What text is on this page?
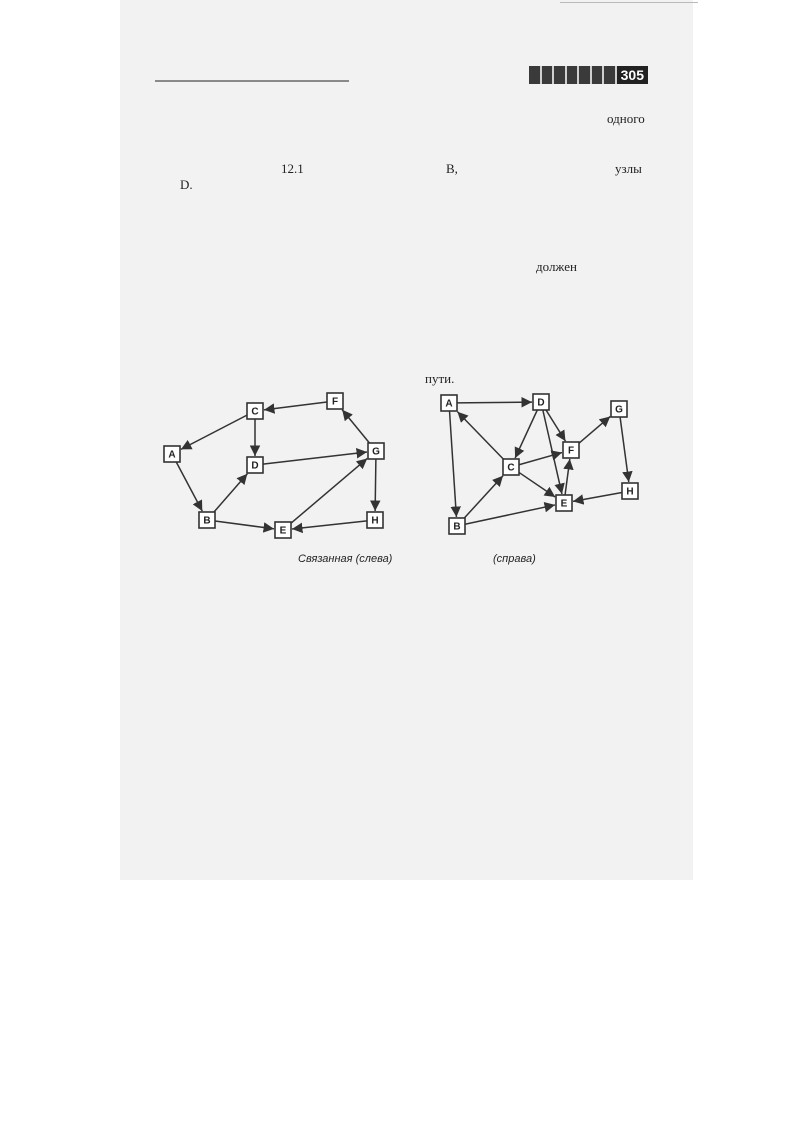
305
одного
12.1	B,	узлы
D.
должен
пути.
A
B
C
D
E
F
G
H
A
B
C
D
E
F
G
H
Связанная (слева)	(справа)
